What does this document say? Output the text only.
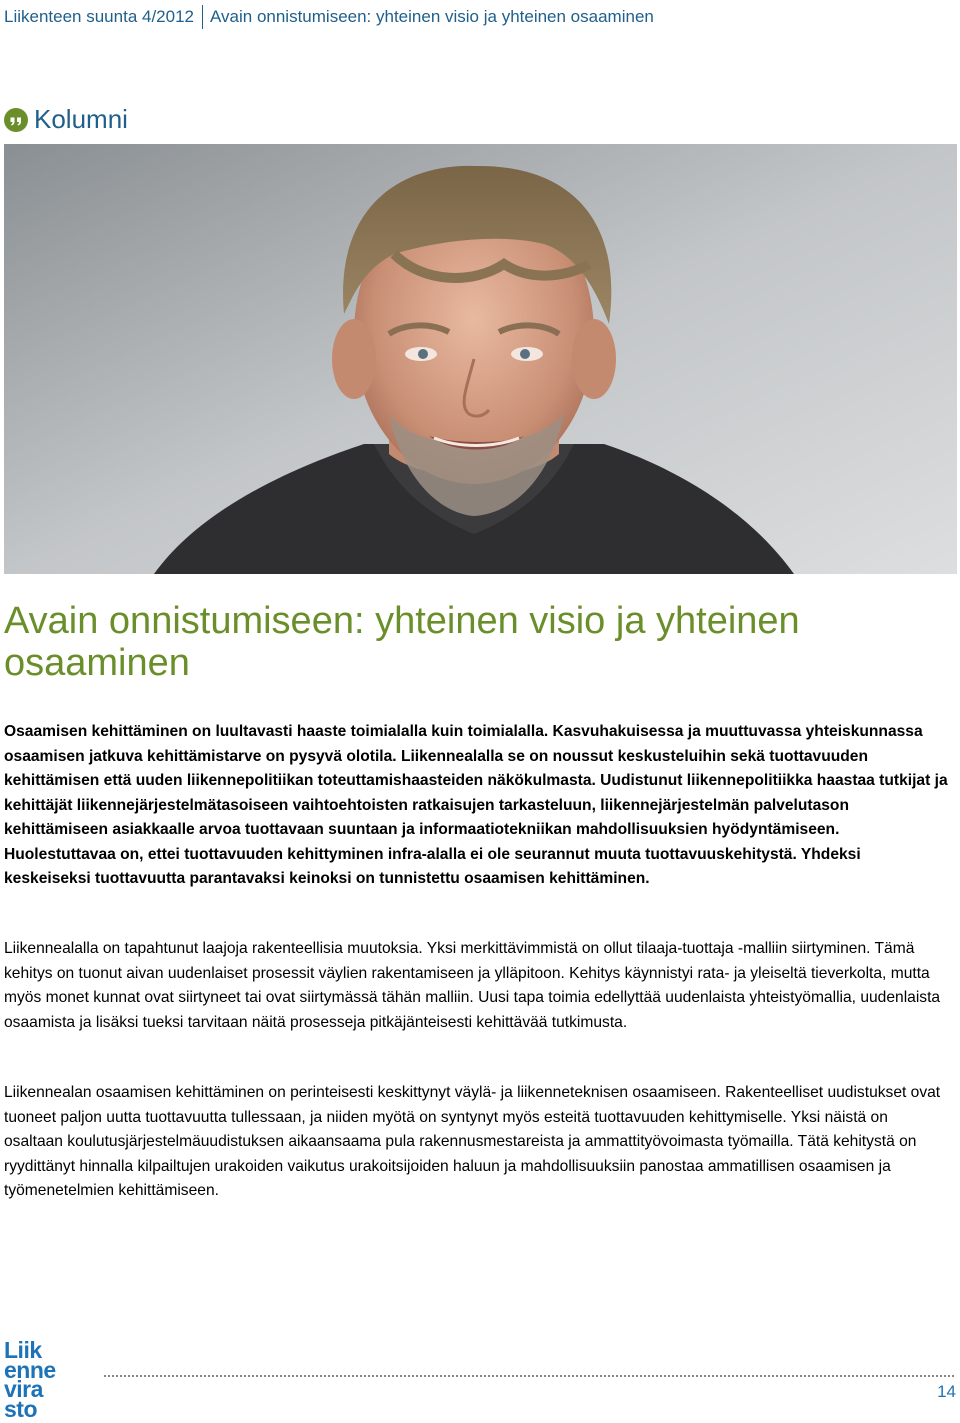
Liikenteen suunta 4/2012 Avain onnistumiseen: yhteinen visio ja yhteinen osaaminen
Kolumni
Avain onnistumiseen: yhteinen visio ja yhteinen osaaminen

Osaamisen kehittäminen on luultavasti haaste toimialalla kuin toimialalla. Kasvuhakuisessa ja muuttuvassa yhteiskunnassa osaamisen jatkuva kehittämistarve on pysyvä olotila. Liikennealalla se on noussut keskusteluihin sekä tuottavuuden kehittämisen että uuden liikennepolitiikan toteuttamishaasteiden näkökulmasta. Uudistunut liikennepolitiikka haastaa tutkijat ja kehittäjät liikennejärjestelmätasoiseen vaihtoehtoisten ratkaisujen tarkasteluun, liikennejärjestelmän palvelutason kehittämiseen asiakkaalle arvoa tuottavaan suuntaan ja informaatiotekniikan mahdollisuuksien hyödyntämiseen. Huolestuttavaa on, ettei tuottavuuden kehittyminen infra-alalla ei ole seurannut muuta tuottavuuskehitystä. Yhdeksi keskeiseksi tuottavuutta parantavaksi keinoksi on tunnistettu osaamisen kehittäminen.

Liikennealalla on tapahtunut laajoja rakenteellisia muutoksia. Yksi merkittävimmistä on ollut tilaaja-tuottaja -malliin siirtyminen. Tämä kehitys on tuonut aivan uudenlaiset prosessit väylien rakentamiseen ja ylläpitoon. Kehitys käynnistyi rata- ja yleiseltä tieverkolta, mutta myös monet kunnat ovat siirtyneet tai ovat siirtymässä tähän malliin. Uusi tapa toimia edellyttää uudenlaista yhteistyömallia, uudenlaista osaamista ja lisäksi tueksi tarvitaan näitä prosesseja pitkäjänteisesti kehittävää tutkimusta.

Liikennealan osaamisen kehittäminen on perinteisesti keskittynyt väylä- ja liikenneteknisen osaamiseen. Rakenteelliset uudistukset ovat tuoneet paljon uutta tuottavuutta tullessaan, ja niiden myötä on syntynyt myös esteitä tuottavuuden kehittymiselle. Yksi näistä on osaltaan koulutusjärjestelmäuudistuksen aikaansaama pula rakennusmestareista ja ammattityövoimasta työmailla. Tätä kehitystä on ryydittänyt hinnalla kilpailtujen urakoiden vaikutus urakoitsijoiden haluun ja mahdollisuuksiin panostaa ammatillisen osaamisen ja työmenetelmien kehittämiseen.

Liik
enne
vira
sto
14
